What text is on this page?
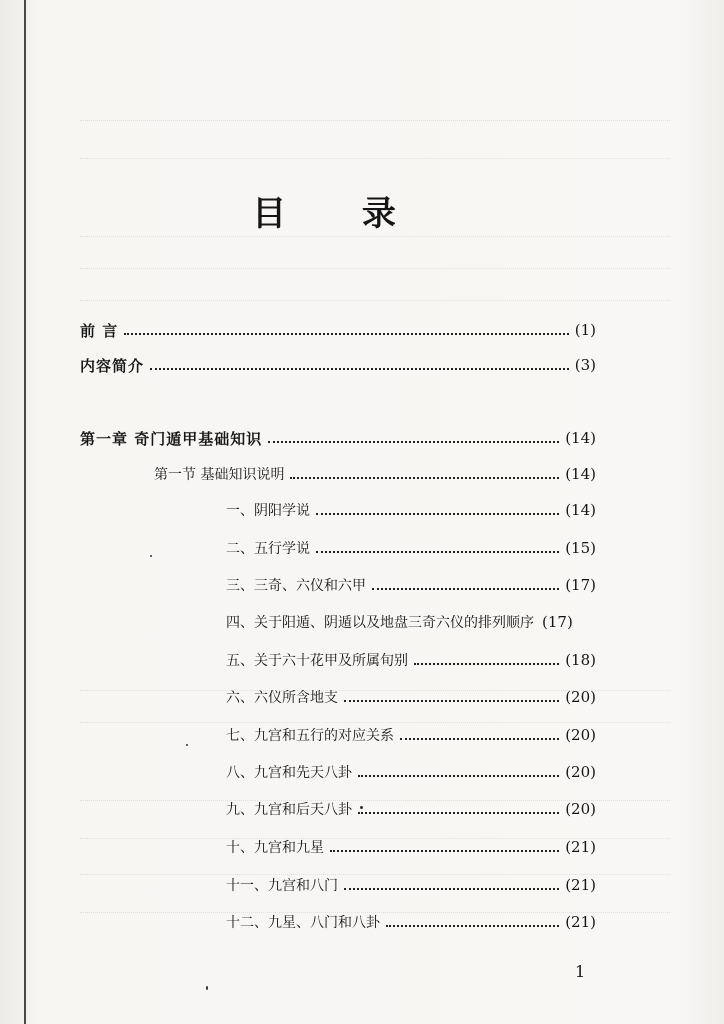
目 录
前 言	(1)
内容简介	(3)
第一章 奇门遁甲基础知识	(14)
第一节 基础知识说明	(14)
一、阴阳学说	(14)
二、五行学说	(15)
三、三奇、六仪和六甲	(17)
四、关于阳遁、阴遁以及地盘三奇六仪的排列顺序 (17)
五、关于六十花甲及所属旬别	(18)
六、六仪所含地支	(20)
七、九宫和五行的对应关系	(20)
八、九宫和先天八卦	(20)
九、九宫和后天八卦	(20)
十、九宫和九星	(21)
十一、九宫和八门	(21)
十二、九星、八门和八卦	(21)
1
